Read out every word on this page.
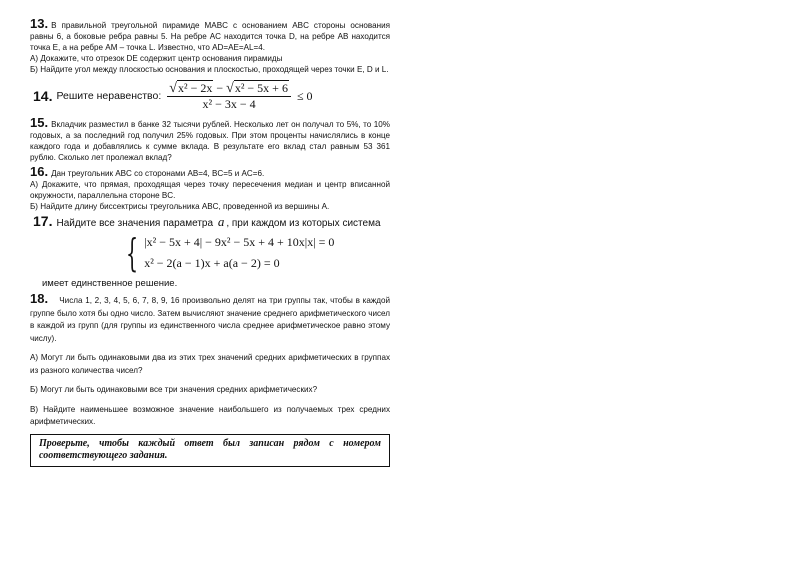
13. В правильной треугольной пирамиде MABC с основанием ABC стороны основания равны 6, а боковые ребра равны 5. На ребре AC находится точка D, на ребре AB находится точка E, а на ребре AM – точка L. Известно, что AD=AE=AL=4.

А) Докажите, что отрезок DE содержит центр основания пирамиды

Б) Найдите угол между плоскостью основания и плоскостью, проходящей через точки E, D и L.

14. Решите неравенство: $\frac{\text{√x² − 2x − √x² − 5x + 6}}{\text{x² − 3x − 4}} \le 0$

15. Вкладчик разместил в банке 32 тысячи рублей. Несколько лет он получал то 5%, то 10% годовых, а за последний год получил 25% годовых. При этом проценты начислялись в конце каждого года и добавлялись к сумме вклада. В результате его вклад стал равным 53 361 рублю. Сколько лет пролежал вклад?

16. Дан треугольник ABC со сторонами AB=4, BC=5 и AC=6.

А) Докажите, что прямая, проходящая через точку пересечения медиан и центр вписанной окружности, параллельна стороне BC.

Б) Найдите длину биссектрисы треугольника ABC, проведенной из вершины A.

17. Найдите все значения параметра a , при каждом из которых система
{ |x² − 5x + 4| − 9x² − 5x + 4 + 10x|x| = 0
x² − 2(a − 1)x + a(a − 2) = 0
имеет единственное решение.

18. Числа 1, 2, 3, 4, 5, 6, 7, 8, 9, 16 произвольно делят на три группы так, чтобы в каждой группе было хотя бы одно число. Затем вычисляют значение среднего арифметического чисел в каждой из групп (для группы из единственного числа среднее арифметическое равно этому числу).

А) Могут ли быть одинаковыми два из этих трех значений средних арифметических в группах из разного количества чисел?

Б) Могут ли быть одинаковыми все три значения средних арифметических?

В) Найдите наименьшее возможное значение наибольшего из получаемых трех средних арифметических.

Проверьте, чтобы каждый ответ был записан рядом с номером соответствующего задания.
